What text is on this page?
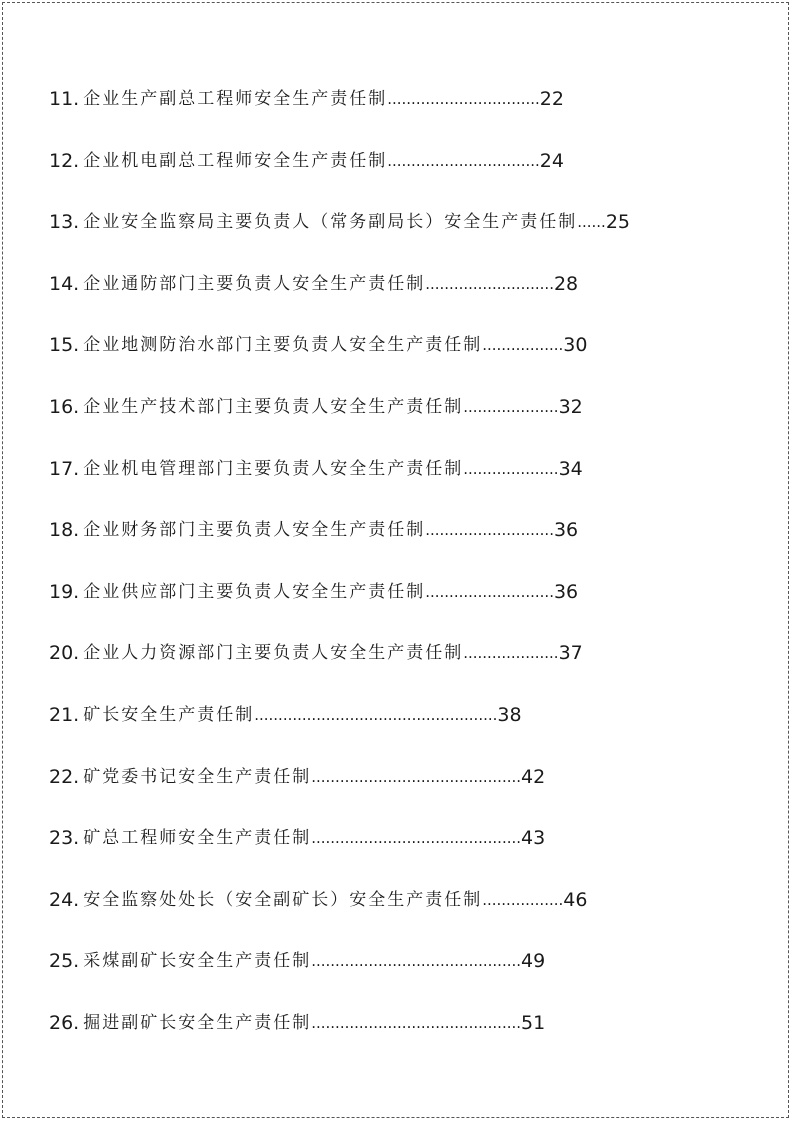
11. 企业生产副总工程师安全生产责任制 ................................ 22
12. 企业机电副总工程师安全生产责任制 ................................ 24
13. 企业安全监察局主要负责人（常务副局长）安全生产责任制 ...... 25
14. 企业通防部门主要负责人安全生产责任制 ........................... 28
15. 企业地测防治水部门主要负责人安全生产责任制 ................. 30
16. 企业生产技术部门主要负责人安全生产责任制 .................... 32
17. 企业机电管理部门主要负责人安全生产责任制 .................... 34
18. 企业财务部门主要负责人安全生产责任制 ........................... 36
19. 企业供应部门主要负责人安全生产责任制 ........................... 36
20. 企业人力资源部门主要负责人安全生产责任制 .................... 37
21. 矿长安全生产责任制 ................................................... 38
22. 矿党委书记安全生产责任制 ............................................ 42
23. 矿总工程师安全生产责任制 ............................................ 43
24. 安全监察处处长（安全副矿长）安全生产责任制 ................. 46
25. 采煤副矿长安全生产责任制 ............................................ 49
26. 掘进副矿长安全生产责任制 ............................................ 51
